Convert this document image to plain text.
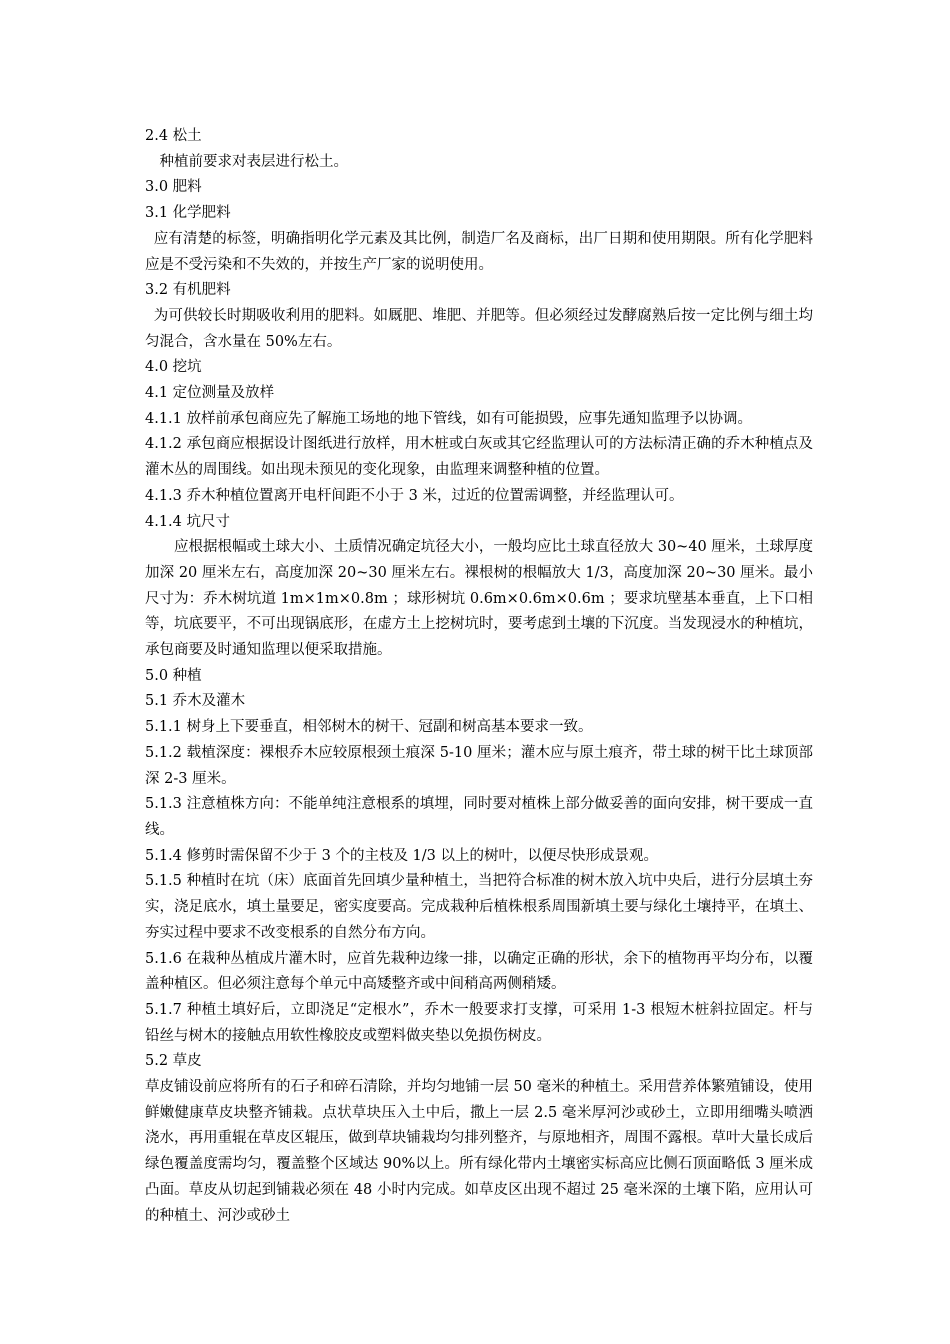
2.4 松土

种植前要求对表层进行松土。

3.0 肥料

3.1 化学肥料

应有清楚的标签，明确指明化学元素及其比例，制造厂名及商标，出厂日期和使用期限。所有化学肥料应是不受污染和不失效的，并按生产厂家的说明使用。

3.2 有机肥料

为可供较长时期吸收利用的肥料。如厩肥、堆肥、并肥等。但必须经过发酵腐熟后按一定比例与细土均匀混合，含水量在 50%左右。

4.0 挖坑

4.1 定位测量及放样

4.1.1 放样前承包商应先了解施工场地的地下管线，如有可能损毁，应事先通知监理予以协调。

4.1.2 承包商应根据设计图纸进行放样，用木桩或白灰或其它经监理认可的方法标清正确的乔木种植点及灌木丛的周围线。如出现未预见的变化现象，由监理来调整种植的位置。

4.1.3 乔木种植位置离开电杆间距不小于 3 米，过近的位置需调整，并经监理认可。

4.1.4 坑尺寸

应根据根幅或土球大小、土质情况确定坑径大小，一般均应比土球直径放大 30~40 厘米，土球厚度加深 20 厘米左右，高度加深 20~30 厘米左右。裸根树的根幅放大 1/3，高度加深 20~30 厘米。最小尺寸为：乔木树坑道 1m×1m×0.8m ；球形树坑 0.6m×0.6m×0.6m ；要求坑壁基本垂直，上下口相等，坑底要平，不可出现锅底形，在虚方土上挖树坑时，要考虑到土壤的下沉度。当发现浸水的种植坑，承包商要及时通知监理以便采取措施。

5.0 种植

5.1 乔木及灌木

5.1.1 树身上下要垂直，相邻树木的树干、冠副和树高基本要求一致。

5.1.2 载植深度：裸根乔木应较原根颈土痕深 5-10 厘米；灌木应与原土痕齐，带土球的树干比土球顶部深 2-3 厘米。

5.1.3 注意植株方向：不能单纯注意根系的填埋，同时要对植株上部分做妥善的面向安排，树干要成一直线。

5.1.4 修剪时需保留不少于 3 个的主枝及 1/3 以上的树叶，以便尽快形成景观。

5.1.5 种植时在坑（床）底面首先回填少量种植土，当把符合标准的树木放入坑中央后，进行分层填土夯实，浇足底水，填土量要足，密实度要高。完成栽种后植株根系周围新填土要与绿化土壤持平，在填土、夯实过程中要求不改变根系的自然分布方向。

5.1.6 在栽种丛植成片灌木时，应首先栽种边缘一排，以确定正确的形状，余下的植物再平均分布，以覆盖种植区。但必须注意每个单元中高矮整齐或中间稍高两侧稍矮。

5.1.7 种植土填好后，立即浇足“定根水”，乔木一般要求打支撑，可采用 1-3 根短木桩斜拉固定。杆与铅丝与树木的接触点用软性橡胶皮或塑料做夹垫以免损伤树皮。

5.2 草皮

草皮铺设前应将所有的石子和碎石清除，并均匀地铺一层 50 毫米的种植土。采用营养体繁殖铺设，使用鲜嫩健康草皮块整齐铺栽。点状草块压入土中后，撒上一层 2.5 毫米厚河沙或砂土，立即用细嘴头喷洒浇水，再用重辊在草皮区辊压，做到草块铺栽均匀排列整齐，与原地相齐，周围不露根。草叶大量长成后绿色覆盖度需均匀，覆盖整个区域达 90%以上。所有绿化带内土壤密实标高应比侧石顶面略低 3 厘米成凸面。草皮从切起到铺栽必须在 48 小时内完成。如草皮区出现不超过 25 毫米深的土壤下陷，应用认可的种植土、河沙或砂土
